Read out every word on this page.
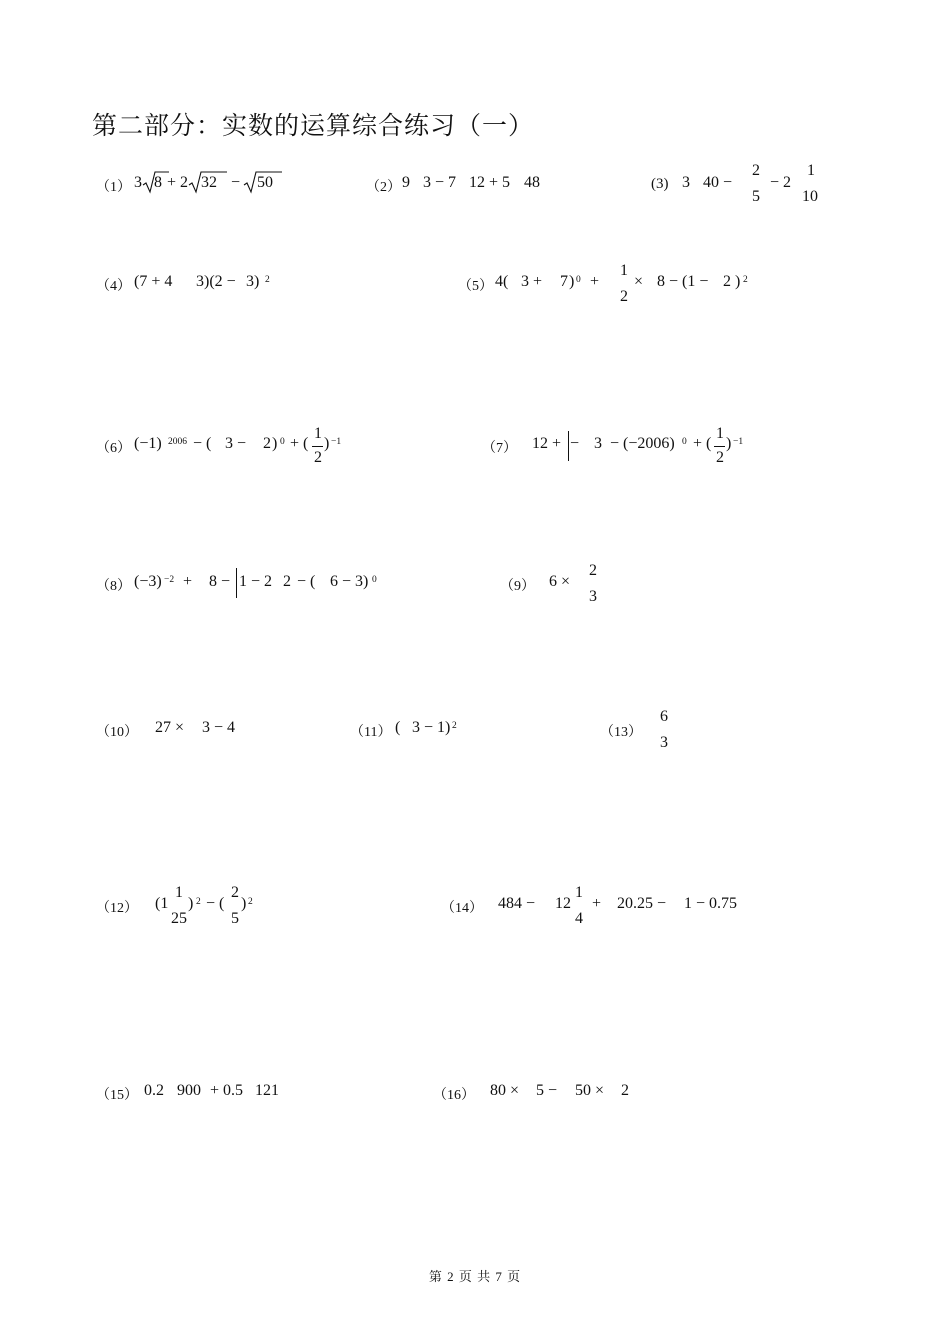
第二部分：实数的运算综合练习（一）
（1） 3 8 + 2 32 − 50	（2） 9 3 − 7 12 + 5 48	(3) 3 40 −
2
5
− 2
1
10
（4） (7 + 4 3)(2 − 3) 2	（5） 4( 3 + 7 ) 0 +
1
2
× 8 − (1 − 2 ) 2
（6） (−1) 2006 − ( 3 − 2 ) 0 + (
1
2
) −1	（7） 12 + − 3 − (−2006) 0 + (
1
2
) −1
（8） (−3) −2 + 8 − 1 − 2 2 − ( 6 − 3) 0	（9） 6 ×
2
3
（10） 27 × 3 − 4	（11） ( 3 − 1) 2	（13）
6
3
（12） (1
1
25
) 2 − (
2
5
) 2	（14） 484 − 12
1
4
+ 20.25 − 1 − 0.75
（15） 0.2 900 + 0.5 121	（16） 80 × 5 − 50 × 2
第 2 页 共 7 页
